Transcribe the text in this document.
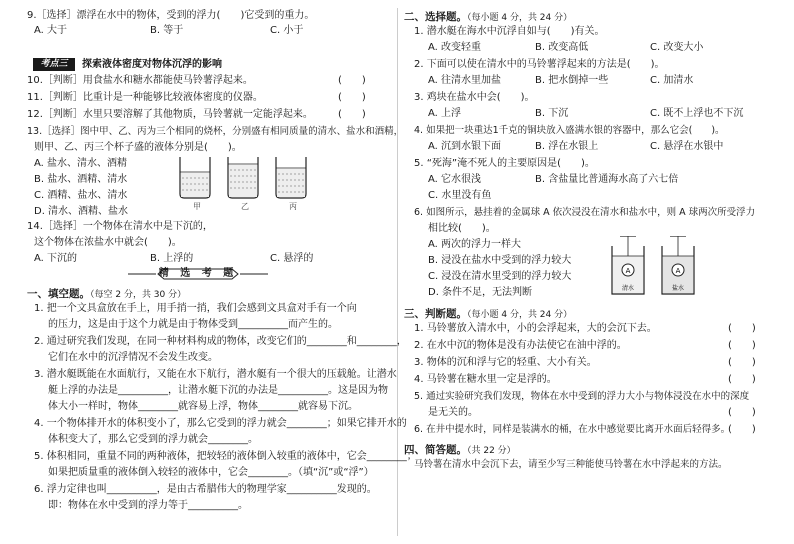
9.［选择］漂浮在水中的物体，受到的浮力(　　)它受到的重力。
A. 大于	B. 等于	C. 小于
考点三	探索液体密度对物体沉浮的影响
10.［判断］用食盐水和糖水都能使马铃薯浮起来。	(　　)
11.［判断］比重计是一种能够比较液体密度的仪器。	(　　)
12.［判断］水里只要溶解了其他物质，马铃薯就一定能浮起来。	(　　)
13.［选择］图中甲、乙、丙为三个相同的烧杯，分别盛有相同质量的清水、盐水和酒精，
则甲、乙、丙三个杯子盛的液体分别是(　　)。
A. 盐水、清水、酒精
B. 盐水、酒精、清水
C. 酒精、盐水、清水
D. 清水、酒精、盐水	甲	乙	丙
14.［选择］一个物体在清水中是下沉的，
这个物体在浓盐水中就会(　　)。
A. 下沉的	B. 上浮的	C. 悬浮的
精 选 考 题
一、填空题。（每空 2 分，共 30 分）
1. 把一个文具盒放在手上，用手捎一捎，我们会感到文具盒对手有一个向
的压力，这是由于这个力就是由于物体受到__________而产生的。
2. 通过研究我们发现，在同一种材料构成的物体，改变它们的________和________，
它们在水中的沉浮情况不会发生改变。
3. 潜水艇既能在水面航行，又能在水下航行，潜水艇有一个很大的压载舱。让潜水
艇上浮的办法是__________，让潜水艇下沉的办法是__________。这是因为物
体大小一样时，物体________就容易上浮，物体________就容易下沉。
4. 一个物体排开水的体积变小了，那么它受到的浮力就会________；如果它排开水的
体积变大了，那么它受到的浮力就会________。
5. 体积相同，重量不同的两种液体，把较轻的液体倒入较重的液体中，它会________；
如果把质量重的液体倒入较轻的液体中，它会________。（填“沉”或“浮”）
6. 浮力定律也叫__________，是由古希腊伟大的物理学家__________发现的。
即：物体在水中受到的浮力等于__________。
二、选择题。（每小题 4 分，共 24 分）
1. 潜水艇在海水中沉浮自如与(　　)有关。
A. 改变轻重	B. 改变高低	C. 改变大小
2. 下面可以使在清水中的马铃薯浮起来的方法是(　　)。
A. 往清水里加盐	B. 把水倒掉一些	C. 加清水
3. 鸡块在盐水中会(　　)。
A. 上浮	B. 下沉	C. 既不上浮也不下沉
4. 如果把一块重达1千克的铜块放入盛满水银的容器中，那么它会(　　)。
A. 沉到水银下面	B. 浮在水银上	C. 悬浮在水银中
5. “死海”淹不死人的主要原因是(　　)。
A. 它水很浅	B. 含盐量比普通海水高了六七倍
C. 水里没有鱼
6. 如图所示，悬挂着的金属球 A 依次浸没在清水和盐水中，则 A 球两次所受浮力
相比较(　　)。
A. 两次的浮力一样大
B. 浸没在盐水中受到的浮力较大
C. 浸没在清水里受到的浮力较大
D. 条件不足，无法判断
A	A
清水	盐水
三、判断题。（每小题 4 分，共 24 分）
1. 马铃薯放入清水中，小的会浮起来，大的会沉下去。	(　　)
2. 在水中沉的物体是没有办法使它在油中浮的。	(　　)
3. 物体的沉和浮与它的轻重、大小有关。	(　　)
4. 马铃薯在糖水里一定是浮的。	(　　)
5. 通过实验研究我们发现，物体在水中受到的浮力大小与物体浸没在水中的深度
是无关的。	(　　)
6. 在井中提水时，同样是装满水的桶，在水中感觉要比离开水面后轻得多。
(　　)
四、简答题。（共 22 分）
马铃薯在清水中会沉下去，请至少写三种能使马铃薯在水中浮起来的方法。
